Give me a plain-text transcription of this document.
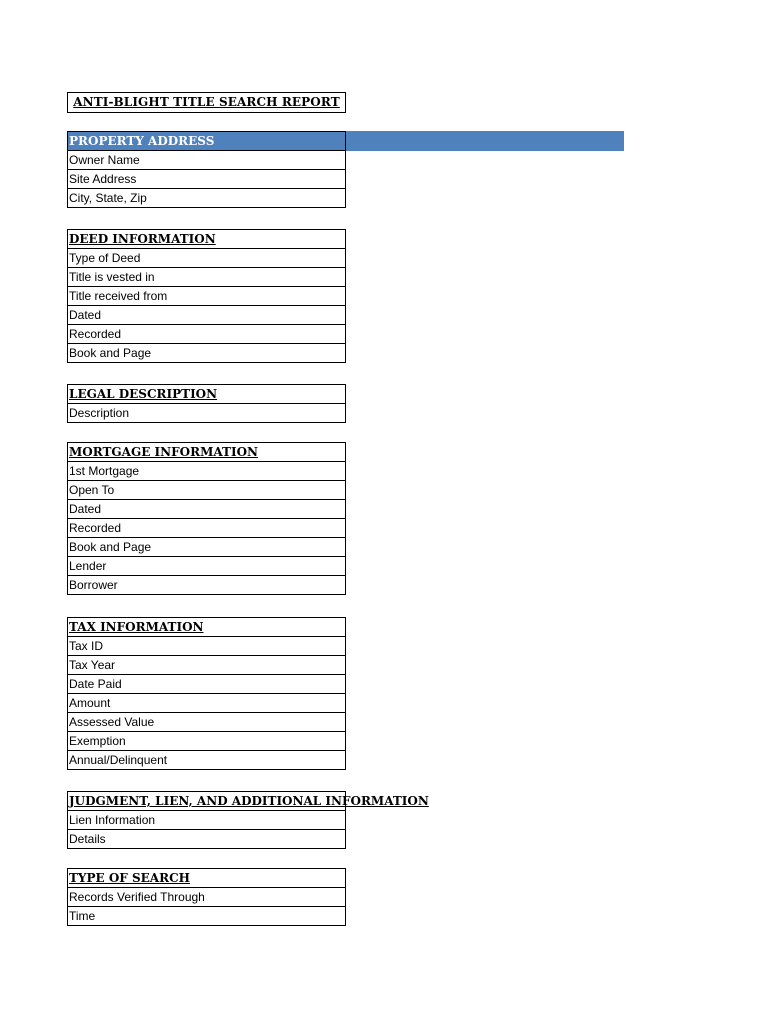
ANTI-BLIGHT TITLE SEARCH REPORT
PROPERTY ADDRESS
Owner Name
Site Address
City, State, Zip
DEED INFORMATION
Type of Deed
Title is vested in
Title received from
Dated
Recorded
Book and Page
LEGAL DESCRIPTION
Description
MORTGAGE INFORMATION
1st Mortgage
Open To
Dated
Recorded
Book and Page
Lender
Borrower
TAX INFORMATION
Tax ID
Tax Year
Date Paid
Amount
Assessed Value
Exemption
Annual/Delinquent
JUDGMENT, LIEN, AND ADDITIONAL INFORMATION
Lien Information
Details
TYPE OF SEARCH
Records Verified Through
Time
